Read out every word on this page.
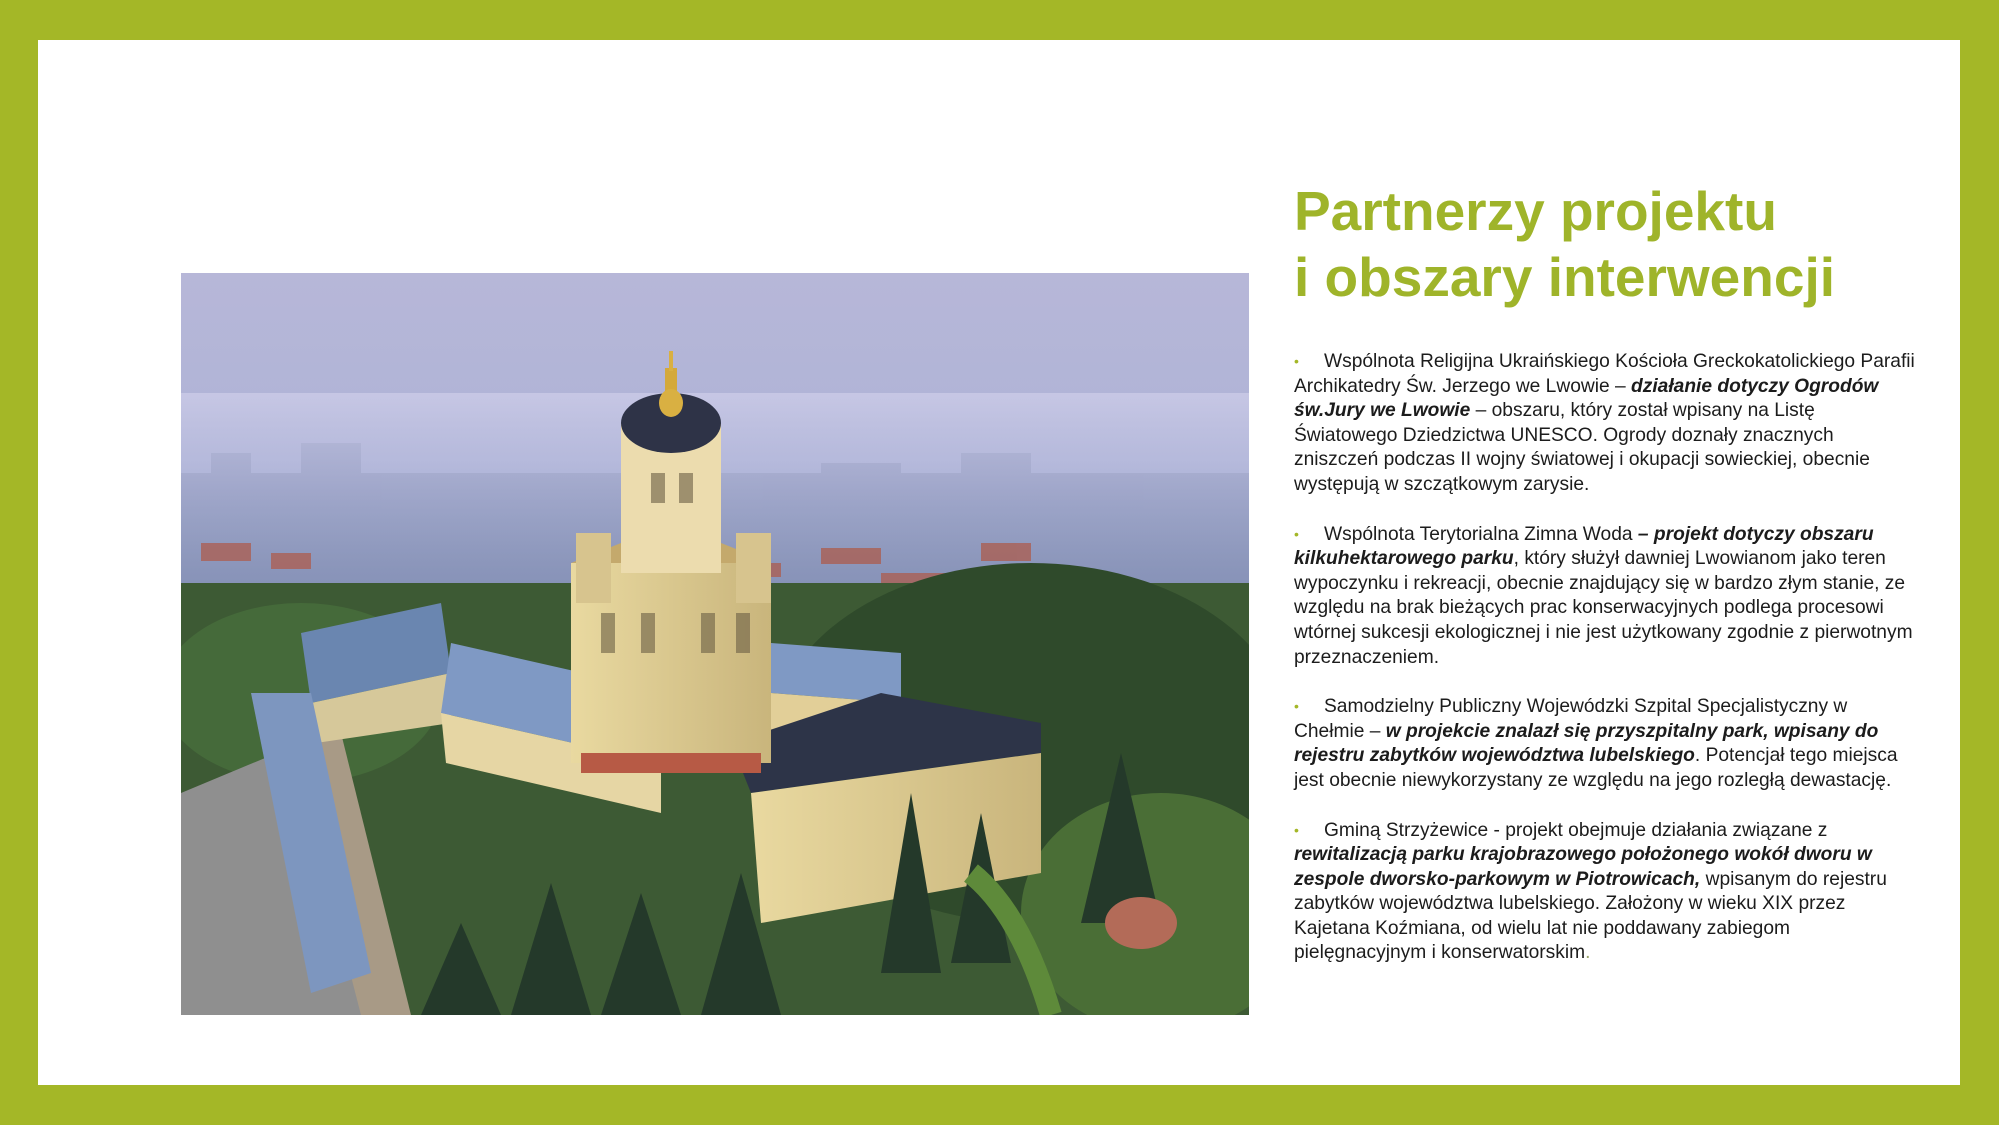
Partnerzy projektu
i obszary interwencji
• Wspólnota Religijna Ukraińskiego Kościoła Greckokatolickiego Parafii Archikatedry Św. Jerzego we Lwowie – działanie dotyczy Ogrodów św.Jury we Lwowie – obszaru, który został wpisany na Listę Światowego Dziedzictwa UNESCO. Ogrody doznały znacznych zniszczeń podczas II wojny światowej i okupacji sowieckiej, obecnie występują w szczątkowym zarysie.
• Wspólnota Terytorialna Zimna Woda – projekt dotyczy obszaru kilkuhektarowego parku, który służył dawniej Lwowianom jako teren wypoczynku i rekreacji, obecnie znajdujący się w bardzo złym stanie, ze względu na brak bieżących prac konserwacyjnych podlega procesowi wtórnej sukcesji ekologicznej i nie jest użytkowany zgodnie z pierwotnym przeznaczeniem.
• Samodzielny Publiczny Wojewódzki Szpital Specjalistyczny w Chełmie – w projekcie znalazł się przyszpitalny park, wpisany do rejestru zabytków województwa lubelskiego. Potencjał tego miejsca jest obecnie niewykorzystany ze względu na jego rozległą dewastację.
• Gminą Strzyżewice - projekt obejmuje działania związane z rewitalizacją parku krajobrazowego położonego wokół dworu w zespole dworsko-parkowym w Piotrowicach, wpisanym do rejestru zabytków województwa lubelskiego. Założony w wieku XIX przez Kajetana Koźmiana, od wielu lat nie poddawany zabiegom pielęgnacyjnym i konserwatorskim.
